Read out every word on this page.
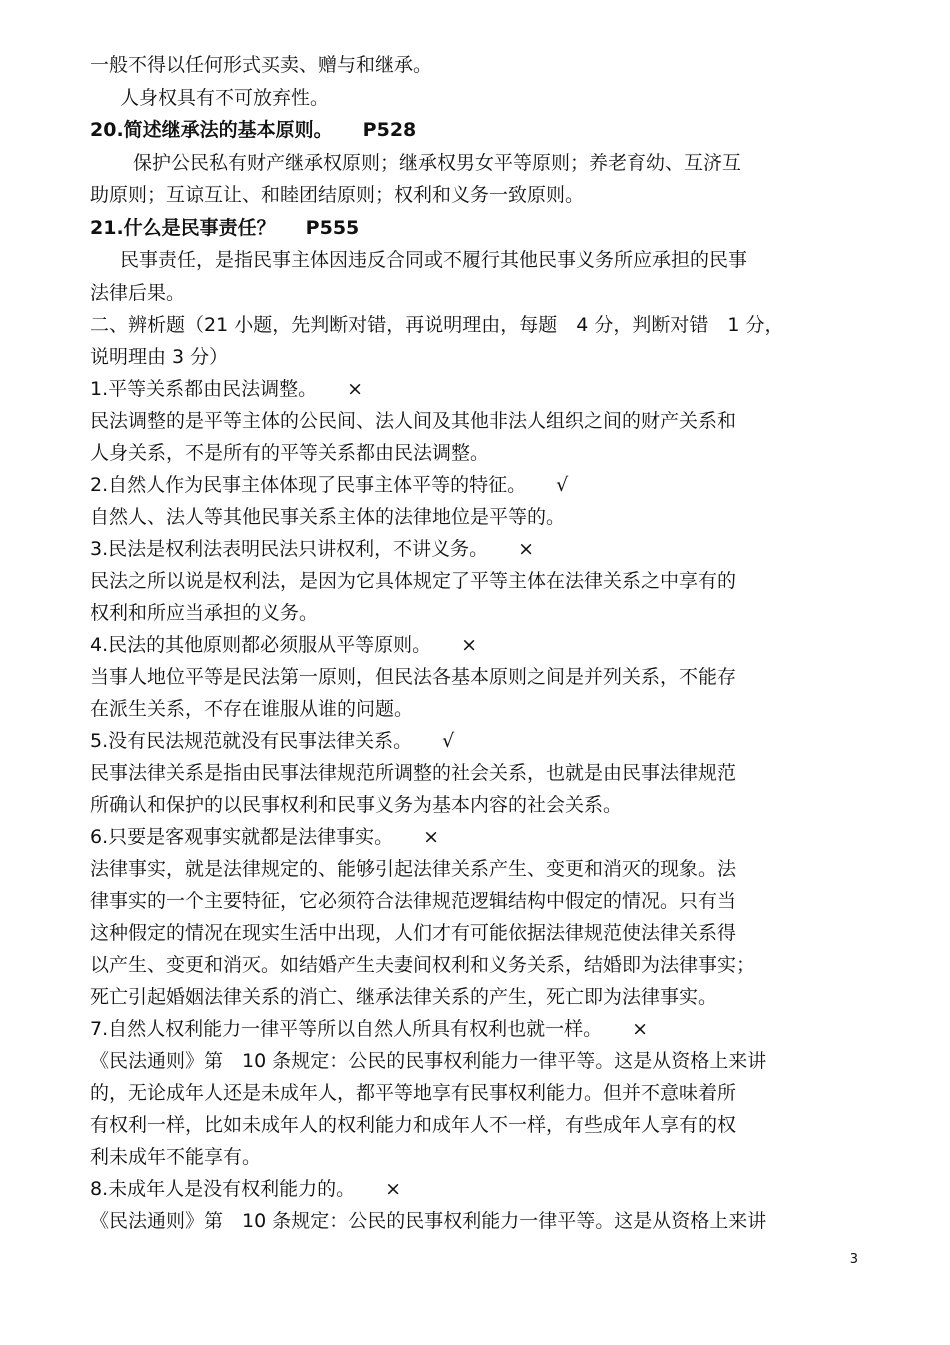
一般不得以任何形式买卖、赠与和继承。
人身权具有不可放弃性。
20.简述继承法的基本原则。 P528
保护公民私有财产继承权原则；继承权男女平等原则；养老育幼、互济互
助原则；互谅互让、和睦团结原则；权利和义务一致原则。
21.什么是民事责任？ P555
民事责任，是指民事主体因违反合同或不履行其他民事义务所应承担的民事
法律后果。
二、辨析题（21 小题，先判断对错，再说明理由，每题　4 分，判断对错　1 分，
说明理由 3 分）
1.平等关系都由民法调整。 ×
民法调整的是平等主体的公民间、法人间及其他非法人组织之间的财产关系和
人身关系，不是所有的平等关系都由民法调整。
2.自然人作为民事主体体现了民事主体平等的特征。 √
自然人、法人等其他民事关系主体的法律地位是平等的。
3.民法是权利法表明民法只讲权利，不讲义务。 ×
民法之所以说是权利法，是因为它具体规定了平等主体在法律关系之中享有的
权利和所应当承担的义务。
4.民法的其他原则都必须服从平等原则。 ×
当事人地位平等是民法第一原则，但民法各基本原则之间是并列关系，不能存
在派生关系，不存在谁服从谁的问题。
5.没有民法规范就没有民事法律关系。 √
民事法律关系是指由民事法律规范所调整的社会关系，也就是由民事法律规范
所确认和保护的以民事权利和民事义务为基本内容的社会关系。
6.只要是客观事实就都是法律事实。 ×
法律事实，就是法律规定的、能够引起法律关系产生、变更和消灭的现象。法
律事实的一个主要特征，它必须符合法律规范逻辑结构中假定的情况。只有当
这种假定的情况在现实生活中出现，人们才有可能依据法律规范使法律关系得
以产生、变更和消灭。如结婚产生夫妻间权利和义务关系，结婚即为法律事实；
死亡引起婚姻法律关系的消亡、继承法律关系的产生，死亡即为法律事实。
7.自然人权利能力一律平等所以自然人所具有权利也就一样。 ×
《民法通则》第　10 条规定：公民的民事权利能力一律平等。这是从资格上来讲
的，无论成年人还是未成年人，都平等地享有民事权利能力。但并不意味着所
有权利一样，比如未成年人的权利能力和成年人不一样，有些成年人享有的权
利未成年不能享有。
8.未成年人是没有权利能力的。 ×
《民法通则》第　10 条规定：公民的民事权利能力一律平等。这是从资格上来讲
3
